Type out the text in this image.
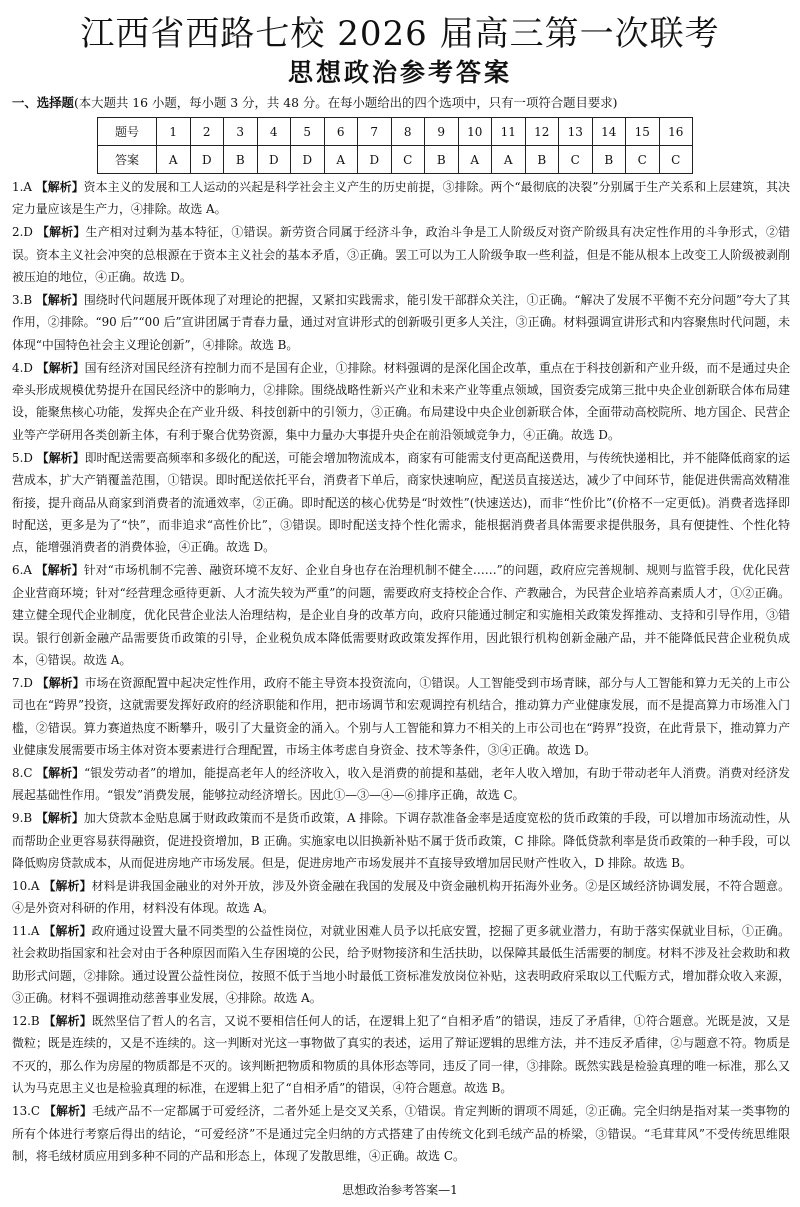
江西省西路七校 2026 届高三第一次联考
思想政治参考答案
一、选择题(本大题共 16 小题，每小题 3 分，共 48 分。在每小题给出的四个选项中，只有一项符合题目要求)
题号	1	2	3	4	5	6	7	8	9	10	11	12	13	14	15	16
答案	A	D	B	D	D	A	D	C	B	A	A	B	C	B	C	C
1.A 【解析】资本主义的发展和工人运动的兴起是科学社会主义产生的历史前提，③排除。两个“最彻底的决裂”分别属于生产关系和上层建筑，其决定力量应该是生产力，④排除。故选 A。
2.D 【解析】生产相对过剩为基本特征，①错误。新劳资合同属于经济斗争，政治斗争是工人阶级反对资产阶级具有决定性作用的斗争形式，②错误。资本主义社会冲突的总根源在于资本主义社会的基本矛盾，③正确。罢工可以为工人阶级争取一些利益，但是不能从根本上改变工人阶级被剥削被压迫的地位，④正确。故选 D。
3.B 【解析】围绕时代问题展开既体现了对理论的把握，又紧扣实践需求，能引发干部群众关注，①正确。“解决了发展不平衡不充分问题”夸大了其作用，②排除。“90 后”“00 后”宣讲团属于青春力量，通过对宣讲形式的创新吸引更多人关注，③正确。材料强调宣讲形式和内容聚焦时代问题，未体现“中国特色社会主义理论创新”，④排除。故选 B。
4.D 【解析】国有经济对国民经济有控制力而不是国有企业，①排除。材料强调的是深化国企改革，重点在于科技创新和产业升级，而不是通过央企牵头形成规模优势提升在国民经济中的影响力，②排除。围绕战略性新兴产业和未来产业等重点领域，国资委完成第三批中央企业创新联合体布局建设，能聚焦核心功能，发挥央企在产业升级、科技创新中的引领力，③正确。布局建设中央企业创新联合体，全面带动高校院所、地方国企、民营企业等产学研用各类创新主体，有利于聚合优势资源，集中力量办大事提升央企在前沿领域竞争力，④正确。故选 D。
5.D 【解析】即时配送需要高频率和多级化的配送，可能会增加物流成本，商家有可能需支付更高配送费用，与传统快递相比，并不能降低商家的运营成本，扩大产销覆盖范围，①错误。即时配送依托平台，消费者下单后，商家快速响应，配送员直接送达，减少了中间环节，能促进供需高效精准衔接，提升商品从商家到消费者的流通效率，②正确。即时配送的核心优势是“时效性”(快速送达)，而非“性价比”(价格不一定更低)。消费者选择即时配送，更多是为了“快”，而非追求“高性价比”，③错误。即时配送支持个性化需求，能根据消费者具体需要求提供服务，具有便捷性、个性化特点，能增强消费者的消费体验，④正确。故选 D。
6.A 【解析】针对“市场机制不完善、融资环境不友好、企业自身也存在治理机制不健全……”的问题，政府应完善规制、规则与监管手段，优化民营企业营商环境；针对“经营理念亟待更新、人才流失较为严重”的问题，需要政府支持校企合作、产教融合，为民营企业培养高素质人才，①②正确。建立健全现代企业制度，优化民营企业法人治理结构，是企业自身的改革方向，政府只能通过制定和实施相关政策发挥推动、支持和引导作用，③错误。银行创新金融产品需要货币政策的引导，企业税负成本降低需要财政政策发挥作用，因此银行机构创新金融产品，并不能降低民营企业税负成本，④错误。故选 A。
7.D 【解析】市场在资源配置中起决定性作用，政府不能主导资本投资流向，①错误。人工智能受到市场青睐，部分与人工智能和算力无关的上市公司也在“跨界”投资，这就需要发挥好政府的经济职能和作用，把市场调节和宏观调控有机结合，推动算力产业健康发展，而不是提高算力市场准入门槛，②错误。算力赛道热度不断攀升，吸引了大量资金的涌入。个别与人工智能和算力不相关的上市公司也在“跨界”投资，在此背景下，推动算力产业健康发展需要市场主体对资本要素进行合理配置，市场主体考虑自身资金、技术等条件，③④正确。故选 D。
8.C 【解析】“银发劳动者”的增加，能提高老年人的经济收入，收入是消费的前提和基础，老年人收入增加，有助于带动老年人消费。消费对经济发展起基础性作用。“银发”消费发展，能够拉动经济增长。因此①—③—④—⑥排序正确，故选 C。
9.B 【解析】加大贷款本金贴息属于财政政策而不是货币政策，A 排除。下调存款准备金率是适度宽松的货币政策的手段，可以增加市场流动性，从而帮助企业更容易获得融资，促进投资增加，B 正确。实施家电以旧换新补贴不属于货币政策，C 排除。降低贷款利率是货币政策的一种手段，可以降低购房贷款成本，从而促进房地产市场发展。但是，促进房地产市场发展并不直接导致增加居民财产性收入，D 排除。故选 B。
10.A 【解析】材料是讲我国金融业的对外开放，涉及外资金融在我国的发展及中资金融机构开拓海外业务。②是区域经济协调发展，不符合题意。④是外资对科研的作用，材料没有体现。故选 A。
11.A 【解析】政府通过设置大量不同类型的公益性岗位，对就业困难人员予以托底安置，挖掘了更多就业潜力，有助于落实保就业目标，①正确。社会救助指国家和社会对由于各种原因而陷入生存困境的公民，给予财物接济和生活扶助，以保障其最低生活需要的制度。材料不涉及社会救助和救助形式问题，②排除。通过设置公益性岗位，按照不低于当地小时最低工资标准发放岗位补贴，这表明政府采取以工代赈方式，增加群众收入来源，③正确。材料不强调推动慈善事业发展，④排除。故选 A。
12.B 【解析】既然坚信了哲人的名言，又说不要相信任何人的话，在逻辑上犯了“自相矛盾”的错误，违反了矛盾律，①符合题意。光既是波，又是微粒；既是连续的，又是不连续的。这一判断对光这一事物做了真实的表述，运用了辩证逻辑的思维方法，并不违反矛盾律，②与题意不符。物质是不灭的，那么作为房屋的物质都是不灭的。该判断把物质和物质的具体形态等同，违反了同一律，③排除。既然实践是检验真理的唯一标准，那么又认为马克思主义也是检验真理的标准，在逻辑上犯了“自相矛盾”的错误，④符合题意。故选 B。
13.C 【解析】毛绒产品不一定都属于可爱经济，二者外延上是交叉关系，①错误。肯定判断的谓项不周延，②正确。完全归纳是指对某一类事物的所有个体进行考察后得出的结论，“可爱经济”不是通过完全归纳的方式搭建了由传统文化到毛绒产品的桥梁，③错误。“毛茸茸风”不受传统思维限制，将毛绒材质应用到多种不同的产品和形态上，体现了发散思维，④正确。故选 C。
思想政治参考答案—1
